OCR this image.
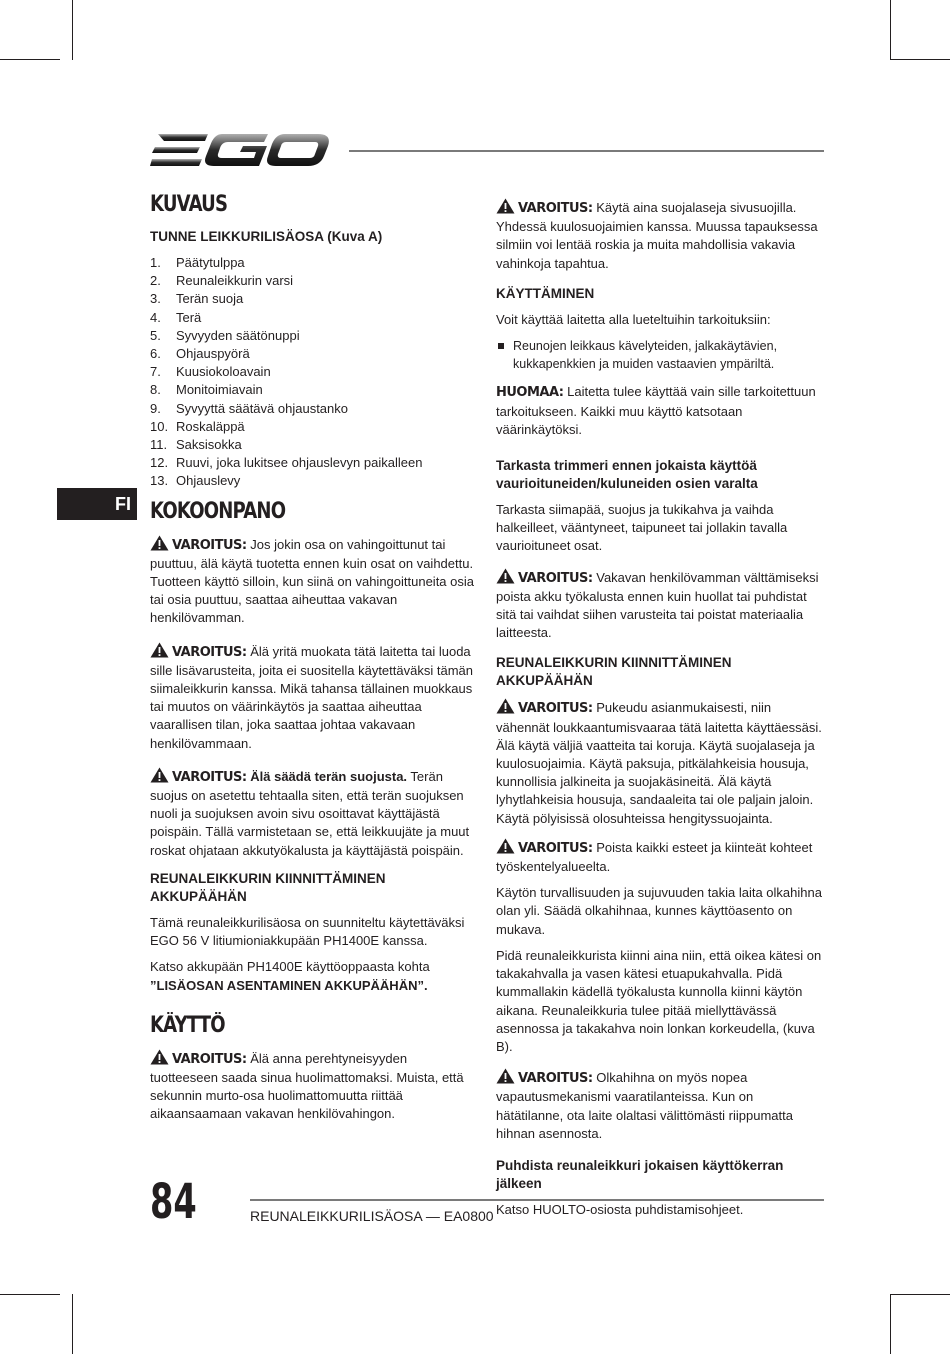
FI
KUVAUS
TUNNE LEIKKURILISÄOSA (Kuva A)
1.	Päätytulppa
2.	Reunaleikkurin varsi
3.	Terän suoja
4.	Terä
5.	Syvyyden säätönuppi
6.	Ohjauspyörä
7.	Kuusiokoloavain
8.	Monitoimiavain
9.	Syvyyttä säätävä ohjaustanko
10. Roskaläppä
11. Saksisokka
12. Ruuvi, joka lukitsee ohjauslevyn paikalleen
13. Ohjauslevy
KOKOONPANO
VAROITUS: Jos jokin osa on vahingoittunut tai puuttuu, älä käytä tuotetta ennen kuin osat on vaihdettu. Tuotteen käyttö silloin, kun siinä on vahingoittuneita osia tai osia puuttuu, saattaa aiheuttaa vakavan henkilövamman.
VAROITUS: Älä yritä muokata tätä laitetta tai luoda sille lisävarusteita, joita ei suositella käytettäväksi tämän siimaleikkurin kanssa. Mikä tahansa tällainen muokkaus tai muutos on väärinkäytös ja saattaa aiheuttaa vaarallisen tilan, joka saattaa johtaa vakavaan henkilövammaan.
VAROITUS: Älä säädä terän suojusta. Terän suojus on asetettu tehtaalla siten, että terän suojuksen nuoli ja suojuksen avoin sivu osoittavat käyttäjästä poispäin. Tällä varmistetaan se, että leikkuujäte ja muut roskat ohjataan akkutyökalusta ja käyttäjästä poispäin.
REUNALEIKKURIN KIINNITTÄMINEN AKKUPÄÄHÄN
Tämä reunaleikkurilisäosa on suunniteltu käytettäväksi EGO 56 V litiumioniakkupään PH1400E kanssa.
Katso akkupään PH1400E käyttöoppaasta kohta ”LISÄOSAN ASENTAMINEN AKKUPÄÄHÄN”.
KÄYTTÖ
VAROITUS: Älä anna perehtyneisyyden tuotteeseen saada sinua huolimattomaksi. Muista, että sekunnin murto-osa huolimattomuutta riittää aikaansaamaan vakavan henkilövahingon.
VAROITUS: Käytä aina suojalaseja sivusuojilla. Yhdessä kuulosuojaimien kanssa. Muussa tapauksessa silmiin voi lentää roskia ja muita mahdollisia vakavia vahinkoja tapahtua.
KÄYTTÄMINEN
Voit käyttää laitetta alla lueteltuihin tarkoituksiin:
Reunojen leikkaus kävelyteiden, jalkakäytävien, kukkapenkkien ja muiden vastaavien ympäriltä.
HUOMAA: Laitetta tulee käyttää vain sille tarkoitettuun tarkoitukseen. Kaikki muu käyttö katsotaan väärinkäytöksi.
Tarkasta trimmeri ennen jokaista käyttöä vaurioituneiden/kuluneiden osien varalta
Tarkasta siimapää, suojus ja tukikahva ja vaihda halkeilleet, vääntyneet, taipuneet tai jollakin tavalla vaurioituneet osat.
VAROITUS: Vakavan henkilövamman välttämiseksi poista akku työkalusta ennen kuin huollat tai puhdistat sitä tai vaihdat siihen varusteita tai poistat materiaalia laitteesta.
REUNALEIKKURIN KIINNITTÄMINEN AKKUPÄÄHÄN
VAROITUS: Pukeudu asianmukaisesti, niin vähennät loukkaantumisvaaraa tätä laitetta käyttäessäsi. Älä käytä väljiä vaatteita tai koruja. Käytä suojalaseja ja kuulosuojaimia. Käytä paksuja, pitkälahkeisia housuja, kunnollisia jalkineita ja suojakäsineitä. Älä käytä lyhytlahkeisia housuja, sandaaleita tai ole paljain jaloin. Käytä pölyisissä olosuhteissa hengityssuojainta.
VAROITUS: Poista kaikki esteet ja kiinteät kohteet työskentelyalueelta.
Käytön turvallisuuden ja sujuvuuden takia laita olkahihna olan yli. Säädä olkahihnaa, kunnes käyttöasento on mukava.
Pidä reunaleikkurista kiinni aina niin, että oikea kätesi on takakahvalla ja vasen kätesi etuapukahvalla. Pidä kummallakin kädellä työkalusta kunnolla kiinni käytön aikana. Reunaleikkuria tulee pitää miellyttävässä asennossa ja takakahva noin lonkan korkeudella, (kuva B).
VAROITUS: Olkahihna on myös nopea vapautusmekanismi vaaratilanteissa. Kun on hätätilanne, ota laite olaltasi välittömästi riippumatta hihnan asennosta.
Puhdista reunaleikkuri jokaisen käyttökerran jälkeen
Katso HUOLTO-osiosta puhdistamisohjeet.
84	REUNALEIKKURILISÄOSA — EA0800
